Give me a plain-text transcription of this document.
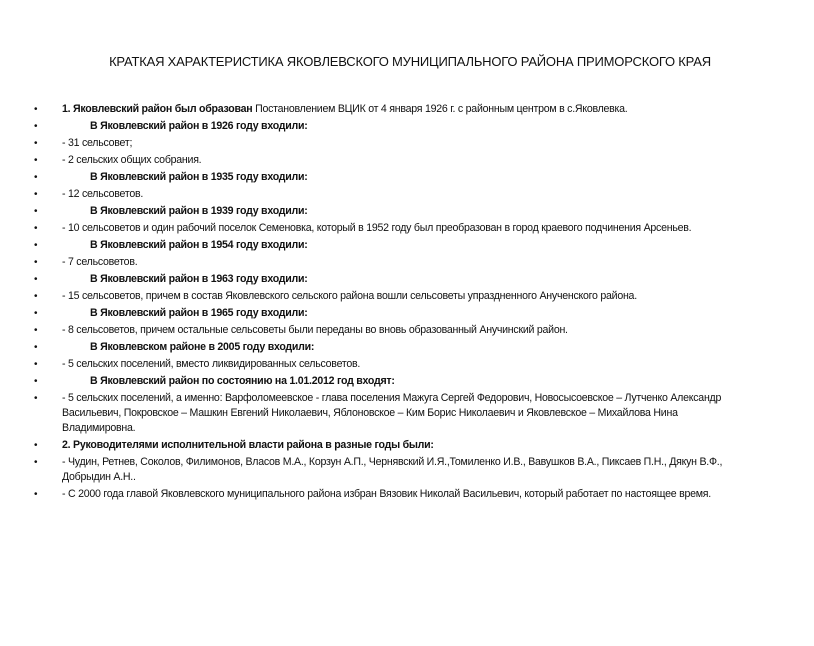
КРАТКАЯ ХАРАКТЕРИСТИКА ЯКОВЛЕВСКОГО МУНИЦИПАЛЬНОГО РАЙОНА ПРИМОРСКОГО КРАЯ
• 1. Яковлевский район был образован Постановлением ВЦИК от 4 января 1926 г. с районным центром в с.Яковлевка.
•	В Яковлевский район в 1926 году входили:
• - 31 сельсовет;
• - 2 сельских общих собрания.
•	В Яковлевский район в 1935 году входили:
• - 12 сельсоветов.
•	В Яковлевский район в 1939 году входили:
• - 10 сельсоветов и один рабочий поселок Семеновка, который в 1952 году был преобразован в город краевого подчинения Арсеньев.
•	В Яковлевский район в 1954 году входили:
• - 7 сельсоветов.
•	В Яковлевский район в 1963 году входили:
• - 15 сельсоветов, причем в состав Яковлевского сельского района вошли сельсоветы упраздненного Анученского района.
•	В Яковлевский район в 1965 году входили:
• - 8 сельсоветов, причем остальные сельсоветы были переданы во вновь образованный Анучинский район.
•	В Яковлевском районе в 2005 году входили:
• - 5 сельских поселений, вместо ликвидированных сельсоветов.
•	В Яковлевский район по состоянию на 1.01.2012 год входят:
• - 5 сельских поселений, а именно: Варфоломеевское - глава поселения Мажуга Сергей Федорович, Новосысоевское – Лутченко Александр Васильевич, Покровское – Машкин Евгений Николаевич, Яблоновское – Ким Борис Николаевич и Яковлевское – Михайлова Нина Владимировна.
• 2. Руководителями исполнительной власти района в разные годы были:
• - Чудин, Ретнев, Соколов, Филимонов, Власов М.А., Корзун А.П., Чернявский И.Я.,Томиленко И.В., Вавушков В.А., Пиксаев П.Н., Дякун В.Ф., Добрыдин А.Н..
• - С 2000 года главой Яковлевского муниципального района избран Вязовик Николай Васильевич, который работает по настоящее время.
